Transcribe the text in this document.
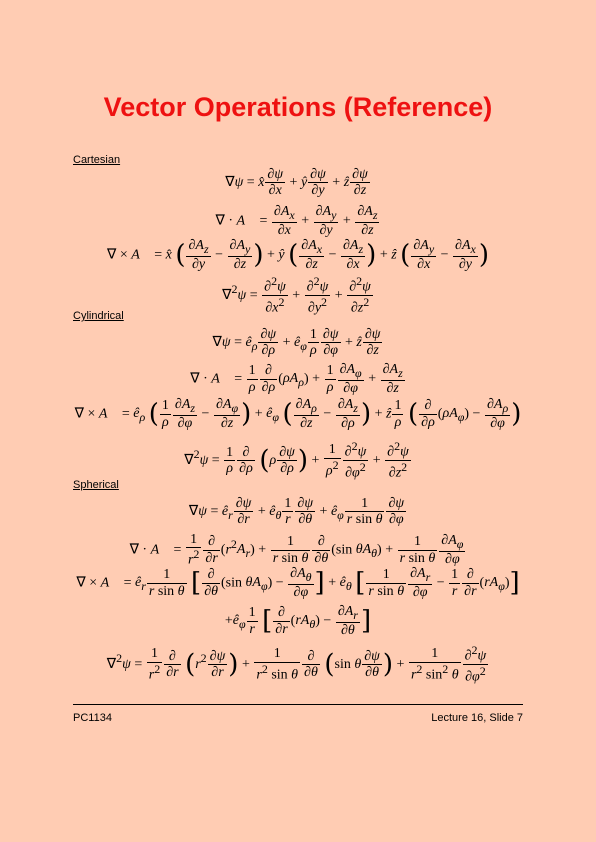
Vector Operations (Reference)
Cartesian
∇ψ = x̂ $\frac{\partial\psi}{\partial x}$ + ŷ $\frac{\partial\psi}{\partial y}$ + ẑ $\frac{\partial\psi}{\partial z}$
∇ · A⃗ = $\frac{\partial A_x}{\partial x} + \frac{\partial A_y}{\partial y} + \frac{\partial A_z}{\partial z}$
∇ × A⃗ = x̂ ( $\frac{\partial A_z}{\partial y} - \frac{\partial A_y}{\partial z}$ ) + ŷ ( $\frac{\partial A_x}{\partial z} - \frac{\partial A_z}{\partial x}$ ) + ẑ ( $\frac{\partial A_y}{\partial x} - \frac{\partial A_x}{\partial y}$ )
$\nabla^2\psi = \frac{\partial^2\psi}{\partial x^2} + \frac{\partial^2\psi}{\partial y^2} + \frac{\partial^2\psi}{\partial z^2}$
Cylindrical
$\nabla\psi = ê_\rho \frac{\partial\psi}{\partial\rho}$ + $ê_\varphi \frac{1}{\rho} \frac{\partial\psi}{\partial\varphi}$ + ẑ $\frac{\partial\psi}{\partial z}$
∇ · A⃗ = $\frac{1}{\rho} \frac{\partial}{\partial\rho} (\rho A_\rho) + \frac{1}{\rho} \frac{\partial A_\varphi}{\partial\varphi} + \frac{\partial A_z}{\partial z}$
∇ × A⃗ = $ê_\rho$ ( $\frac{1}{\rho} \frac{\partial A_z}{\partial\varphi} - \frac{\partial A_\varphi}{\partial z}$ ) + $ê_\varphi$ ( $\frac{\partial A_\rho}{\partial z} - \frac{\partial A_z}{\partial\rho}$ ) + ẑ $\frac{1}{\rho}$ ( $\frac{\partial}{\partial\rho} (\rho A_\varphi) - \frac{\partial A_\rho}{\partial\varphi}$ )
$\nabla^2\psi = \frac{1}{\rho} \frac{\partial}{\partial\rho} (\rho \frac{\partial\psi}{\partial\rho}$ ) + $\frac{1}{\rho^2} \frac{\partial^2\psi}{\partial\varphi^2} + \frac{\partial^2\psi}{\partial z^2}$
Spherical
$\nabla\psi = ê_r \frac{\partial\psi}{\partial r}$ + $ê_\theta \frac{1}{r} \frac{\partial\psi}{\partial\theta}$ + $ê_\varphi \frac{1}{\text{r sin θ}} \frac{\partial\psi}{\partial\varphi}$
∇ · A⃗ = $\frac{1}{r^2} \frac{\partial}{\partial r} (r^2A_r) + \frac{1}{\text{r sin θ}} \frac{\partial}{\partial\theta} (\sin$ $\theta A_\theta) + \frac{1}{\text{r sin θ}} \frac{\partial A_\varphi}{\partial\varphi}$
∇ × A⃗ = $ê_r \frac{1}{\text{r sin θ}}$ [ $\frac{\partial}{\partial\theta} (\sin$ $\theta A_\varphi) - \frac{\partial A_\theta}{\partial\varphi}$ ] + $ê_\theta$ [ $\frac{1}{\text{r sin θ}} \frac{\partial A_r}{\partial\varphi} - \frac{1}{r} \frac{\partial}{\partial r} (rA_\varphi)$]
$+ê_\varphi \frac{1}{r}$ [ $\frac{\partial}{\partial r} (rA_\theta) - \frac{\partial A_r}{\partial\theta}$ ]
$\nabla^2\psi = \frac{1}{r^2} \frac{\partial}{\partial r} (r^2 \frac{\partial\psi}{\partial r}$ ) + $\frac{1}{r^2 \sin \theta} \frac{\partial}{\partial\theta} (\sin$ θ $\frac{\partial\psi}{\partial\theta}$ ) + $\frac{1}{r^2 \sin^2 \theta} \frac{\partial^2\psi}{\partial\varphi^2}$
PC1134	Lecture 16, Slide 7
